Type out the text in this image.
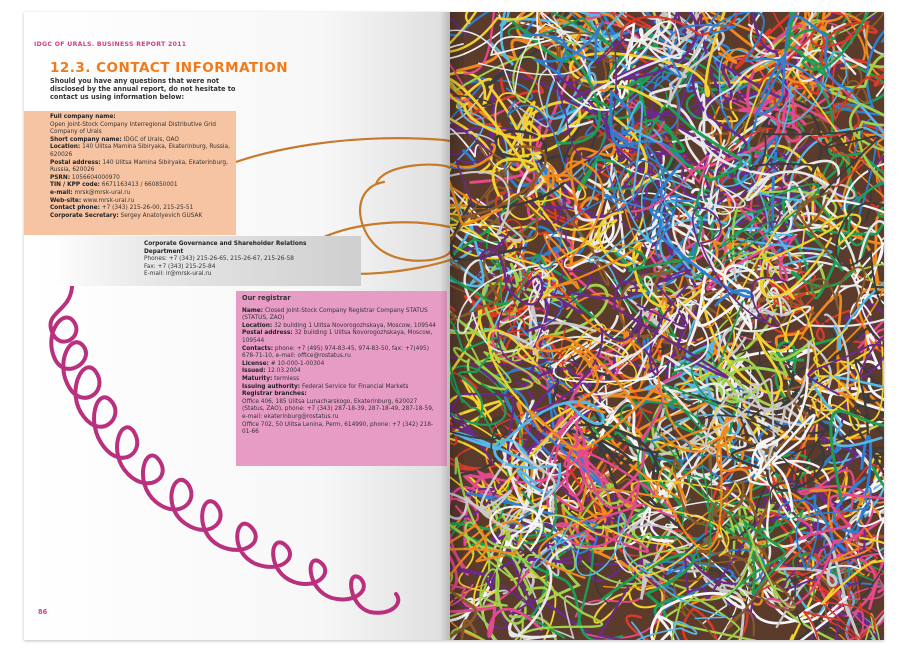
IDGC OF URALS. BUSINESS REPORT 2011
12.3. CONTACT INFORMATION
Should you have any questions that were not disclosed by the annual report, do not hesitate to contact us using information below:
Full company name:
Open Joint-Stock Company Interregional Distributive Grid Company of Urals
Short company name: IDGC of Urals, OAO
Location: 140 Ulitsa Mamina Sibiryaka, Ekaterinburg, Russia, 620026
Postal address: 140 Ulitsa Mamina Sibiryaka, Ekaterinburg, Russia, 620026
PSRN: 1056604000970
TIN / KPP code: 6671163413 / 660850001
e-mail: mrsk@mrsk-ural.ru
Web-site: www.mrsk-ural.ru
Contact phone: +7 (343) 215-26-00, 215-25-51
Corporate Secretary: Sergey Anatolyevich GUSAK
Corporate Governance and Shareholder Relations Department
Phones: +7 (343) 215-26-65, 215-26-67, 215-26-58
Fax: +7 (343) 215-25-84
E-mail: ir@mrsk-ural.ru
Our registrar
Name: Closed Joint-Stock Company Registrar Company STATUS (STATUS, ZAO)
Location: 32 building 1 Ulitsa Novorogozhskaya, Moscow, 109544
Postal address: 32 building 1 Ulitsa Novorogozhskaya, Moscow, 109544
Contacts: phone: +7 (495) 974-83-45, 974-83-50, fax: +7(495) 678-71-10, e-mail: office@rostatus.ru
License: # 10-000-1-00304
Issued: 12.03.2004
Maturity: termless
Issuing authority: Federal Service for Financial Markets
Registrar branches:
Office 406, 185 Ulitsa Lunacharskogo, Ekaterinburg, 620027 (Status, ZAO), phone: +7 (343) 287-18-39, 287-18-49, 287-18-59, e-mail: ekaterinburg@rostatus.ru
Office 702, 50 Ulitsa Lenina, Perm, 614990, phone: +7 (342) 218-01-66
86
